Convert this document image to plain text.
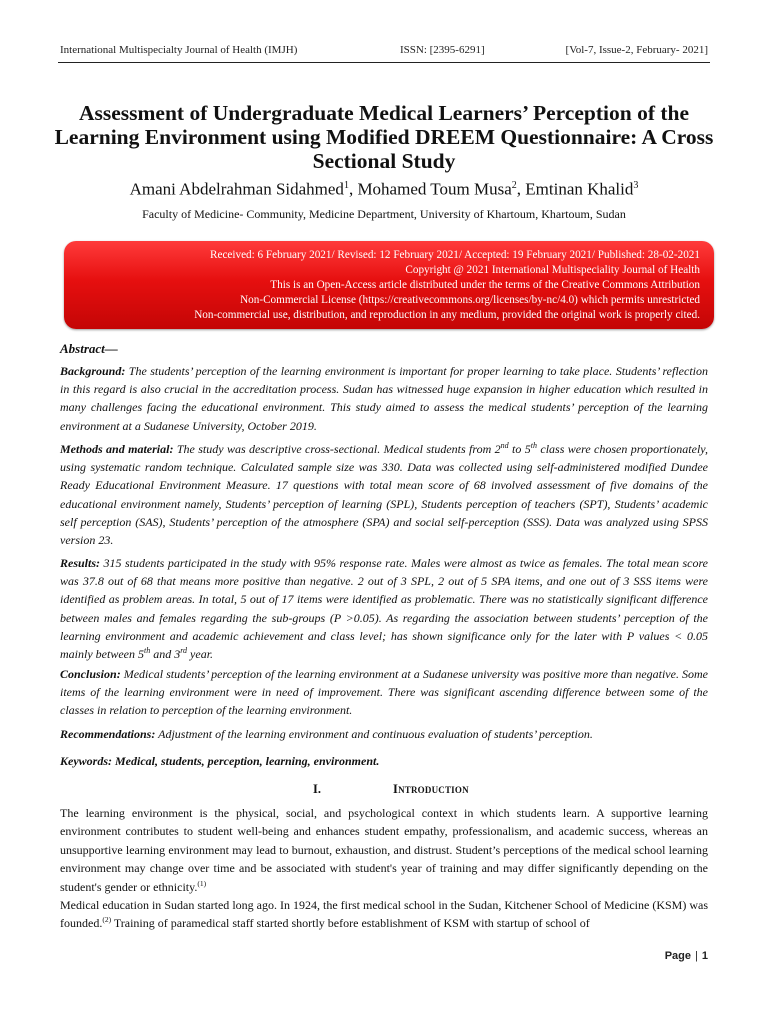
International Multispecialty Journal of Health (IMJH)	ISSN: [2395-6291]	[Vol-7, Issue-2, February- 2021]
Assessment of Undergraduate Medical Learners’ Perception of the Learning Environment using Modified DREEM Questionnaire: A Cross Sectional Study
Amani Abdelrahman Sidahmed$^1$, Mohamed Toum Musa$^2$, Emtinan Khalid$^3$
Faculty of Medicine- Community, Medicine Department, University of Khartoum, Khartoum, Sudan
Received: 6 February 2021/ Revised: 12 February 2021/ Accepted: 19 February 2021/ Published: 28-02-2021
Copyright @ 2021 International Multispeciality Journal of Health
This is an Open-Access article distributed under the terms of the Creative Commons Attribution
Non-Commercial License (https://creativecommons.org/licenses/by-nc/4.0) which permits unrestricted
Non-commercial use, distribution, and reproduction in any medium, provided the original work is properly cited.
Abstract—
Background: The students’ perception of the learning environment is important for proper learning to take place. Students’ reflection in this regard is also crucial in the accreditation process. Sudan has witnessed huge expansion in higher education which resulted in many challenges facing the educational environment. This study aimed to assess the medical students’ perception of the learning environment at a Sudanese University, October 2019.
Methods and material: The study was descriptive cross-sectional. Medical students from 2nd to 5th class were chosen proportionately, using systematic random technique. Calculated sample size was 330. Data was collected using self-administered modified Dundee Ready Educational Environment Measure. 17 questions with total mean score of 68 involved assessment of five domains of the educational environment namely, Students’ perception of learning (SPL), Students perception of teachers (SPT), Students’ academic self perception (SAS), Students’ perception of the atmosphere (SPA) and social self-perception (SSS). Data was analyzed using SPSS version 23.
Results: 315 students participated in the study with 95% response rate. Males were almost as twice as females. The total mean score was 37.8 out of 68 that means more positive than negative. 2 out of 3 SPL, 2 out of 5 SPA items, and one out of 3 SSS items were identified as problem areas. In total, 5 out of 17 items were identified as problematic. There was no statistically significant difference between males and females regarding the sub-groups (P >0.05). As regarding the association between students’ perception of the learning environment and academic achievement and class level; has shown significance only for the later with P values < 0.05 mainly between 5th and 3rd year.
Conclusion: Medical students’ perception of the learning environment at a Sudanese university was positive more than negative. Some items of the learning environment were in need of improvement. There was significant ascending difference between some of the classes in relation to perception of the learning environment.
Recommendations: Adjustment of the learning environment and continuous evaluation of students’ perception.
Keywords: Medical, students, perception, learning, environment.
I.	Introduction
The learning environment is the physical, social, and psychological context in which students learn. A supportive learning environment contributes to student well-being and enhances student empathy, professionalism, and academic success, whereas an unsupportive learning environment may lead to burnout, exhaustion, and distrust. Student’s perceptions of the medical school learning environment may change over time and be associated with student's year of training and may differ significantly depending on the student's gender or ethnicity.$^{(1)}$
Medical education in Sudan started long ago. In 1924, the first medical school in the Sudan, Kitchener School of Medicine (KSM) was founded.$^{(2)}$ Training of paramedical staff started shortly before establishment of KSM with startup of school of
Page | 1
